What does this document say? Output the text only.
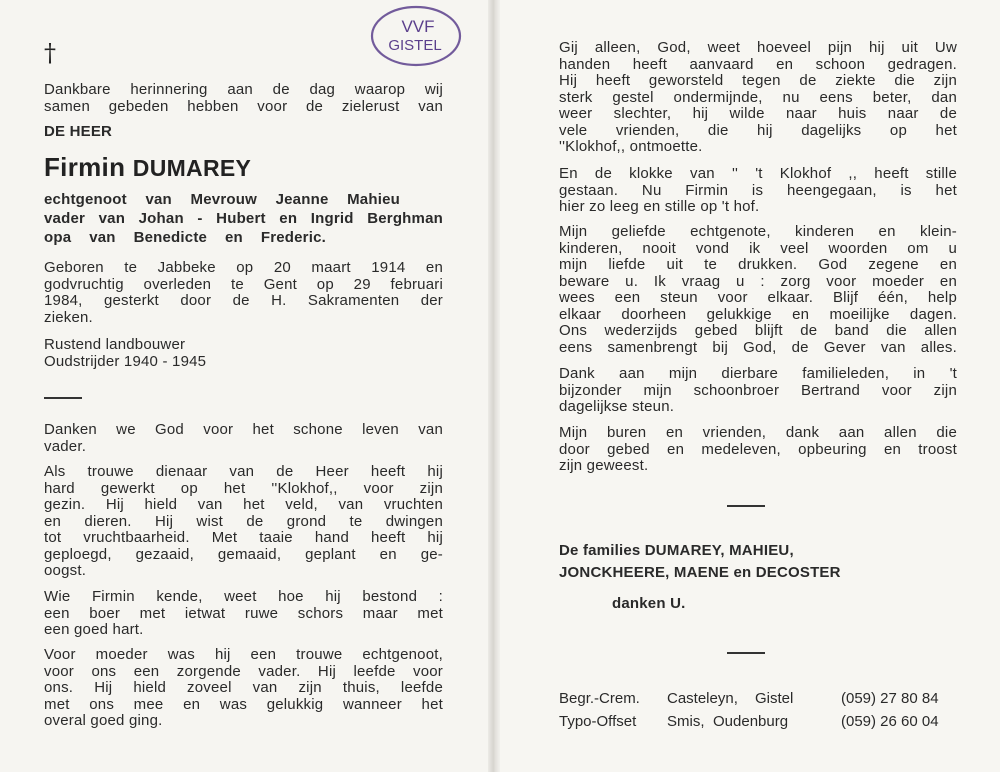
VVF
GISTEL
†
Dankbare herinnering aan de dag waarop wij
samen gebeden hebben voor de zielerust van
DE HEER
Firmin DUMAREY
echtgenoot van Mevrouw Jeanne Mahieu
vader van Johan - Hubert en Ingrid Berghman
opa van Benedicte en Frederic.
Geboren te Jabbeke op 20 maart 1914 en
godvruchtig overleden te Gent op 29 februari
1984, gesterkt door de H. Sakramenten der
zieken.
Rustend landbouwer
Oudstrijder 1940 - 1945
Danken we God voor het schone leven van
vader.
Als trouwe dienaar van de Heer heeft hij
hard gewerkt op het ''Klokhof,, voor zijn
gezin. Hij hield van het veld, van vruchten
en dieren. Hij wist de grond te dwingen
tot vruchtbaarheid. Met taaie hand heeft hij
geploegd, gezaaid, gemaaid, geplant en ge-
oogst.
Wie Firmin kende, weet hoe hij bestond :
een boer met ietwat ruwe schors maar met
een goed hart.
Voor moeder was hij een trouwe echtgenoot,
voor ons een zorgende vader. Hij leefde voor
ons. Hij hield zoveel van zijn thuis, leefde
met ons mee en was gelukkig wanneer het
overal goed ging.
Gij alleen, God, weet hoeveel pijn hij uit Uw
handen heeft aanvaard en schoon gedragen.
Hij heeft geworsteld tegen de ziekte die zijn
sterk gestel ondermijnde, nu eens beter, dan
weer slechter, hij wilde naar huis naar de
vele vrienden, die hij dagelijks op het
''Klokhof,, ontmoette.
En de klokke van '' 't Klokhof ,, heeft stille
gestaan. Nu Firmin is heengegaan, is het
hier zo leeg en stille op 't hof.
Mijn geliefde echtgenote, kinderen en klein-
kinderen, nooit vond ik veel woorden om u
mijn liefde uit te drukken. God zegene en
beware u. Ik vraag u : zorg voor moeder en
wees een steun voor elkaar. Blijf één, help
elkaar doorheen gelukkige en moeilijke dagen.
Ons wederzijds gebed blijft de band die allen
eens samenbrengt bij God, de Gever van alles.
Dank aan mijn dierbare familieleden, in 't
bijzonder mijn schoonbroer Bertrand voor zijn
dagelijkse steun.
Mijn buren en vrienden, dank aan allen die
door gebed en medeleven, opbeuring en troost
zijn geweest.
De families DUMAREY, MAHIEU,
JONCKHEERE, MAENE en DECOSTER
danken U.
Begr.-Crem. Casteleyn, Gistel	(059) 27 80 84
Typo-Offset Smis, Oudenburg	(059) 26 60 04
